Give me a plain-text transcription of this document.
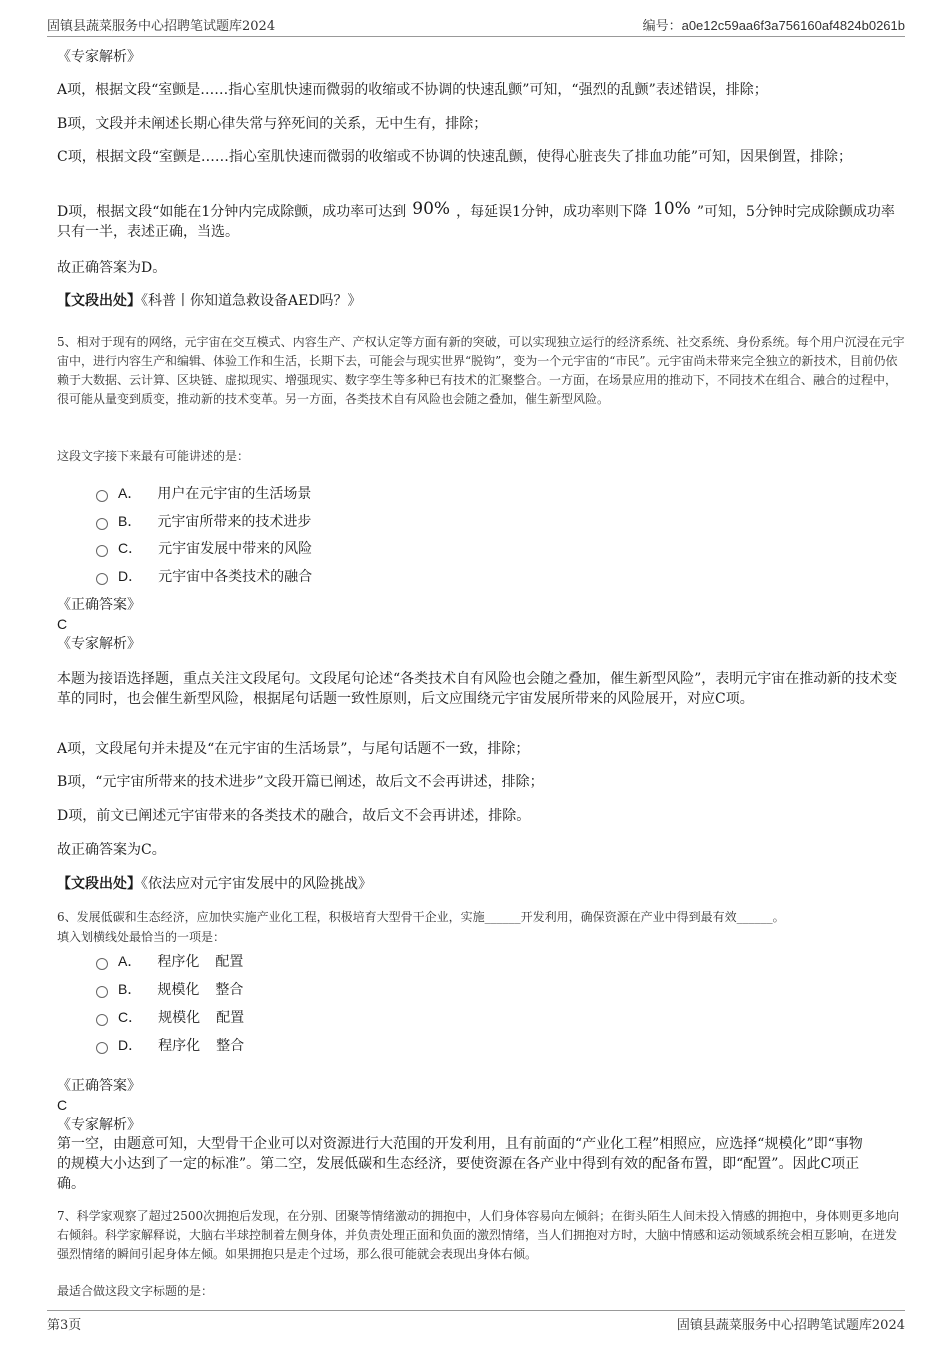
固镇县蔬菜服务中心招聘笔试题库2024	编号：a0e12c59aa6f3a756160af4824b0261b
《专家解析》
A项，根据文段“室颤是……指心室肌快速而微弱的收缩或不协调的快速乱颤”可知，“强烈的乱颤”表述错误，排除；
B项，文段并未阐述长期心律失常与猝死间的关系，无中生有，排除；
C项，根据文段“室颤是……指心室肌快速而微弱的收缩或不协调的快速乱颤，使得心脏丧失了排血功能”可知，因果倒置，排除；
D项，根据文段“如能在1分钟内完成除颤，成功率可达到 90% ，每延误1分钟，成功率则下降 10% ”可知，5分钟时完成除颤成功率只有一半，表述正确，当选。
故正确答案为D。
【文段出处】《科普丨你知道急救设备AED吗？》
5、相对于现有的网络，元宇宙在交互模式、内容生产、产权认定等方面有新的突破，可以实现独立运行的经济系统、社交系统、身份系统。每个用户沉浸在元宇宙中，进行内容生产和编辑、体验工作和生活，长期下去，可能会与现实世界“脱钩”，变为一个元宇宙的“市民”。元宇宙尚未带来完全独立的新技术，目前仍依赖于大数据、云计算、区块链、虚拟现实、增强现实、数字孪生等多种已有技术的汇聚整合。一方面，在场景应用的推动下，不同技术在组合、融合的过程中，很可能从量变到质变，推动新的技术变革。另一方面，各类技术自有风险也会随之叠加，催生新型风险。
这段文字接下来最有可能讲述的是：
A． 用户在元宇宙的生活场景
B． 元宇宙所带来的技术进步
C． 元宇宙发展中带来的风险
D． 元宇宙中各类技术的融合
《正确答案》
C
《专家解析》
本题为接语选择题，重点关注文段尾句。文段尾句论述“各类技术自有风险也会随之叠加，催生新型风险”，表明元宇宙在推动新的技术变革的同时，也会催生新型风险，根据尾句话题一致性原则，后文应围绕元宇宙发展所带来的风险展开，对应C项。
A项，文段尾句并未提及“在元宇宙的生活场景”，与尾句话题不一致，排除；
B项，“元宇宙所带来的技术进步”文段开篇已阐述，故后文不会再讲述，排除；
D项，前文已阐述元宇宙带来的各类技术的融合，故后文不会再讲述，排除。
故正确答案为C。
【文段出处】《依法应对元宇宙发展中的风险挑战》
6、发展低碳和生态经济，应加快实施产业化工程，积极培育大型骨干企业，实施______开发利用，确保资源在产业中得到最有效______。
填入划横线处最恰当的一项是：
A． 程序化 配置
B． 规模化 整合
C． 规模化 配置
D． 程序化 整合
《正确答案》
C
《专家解析》
第一空，由题意可知，大型骨干企业可以对资源进行大范围的开发利用，且有前面的“产业化工程”相照应，应选择“规模化”即“事物的规模大小达到了一定的标准”。第二空，发展低碳和生态经济，要使资源在各产业中得到有效的配备布置，即“配置”。因此C项正确。
7、科学家观察了超过2500次拥抱后发现，在分别、团聚等情绪激动的拥抱中，人们身体容易向左倾斜；在街头陌生人间未投入情感的拥抱中，身体则更多地向右倾斜。科学家解释说，大脑右半球控制着左侧身体，并负责处理正面和负面的激烈情绪，当人们拥抱对方时，大脑中情感和运动领域系统会相互影响，在迸发强烈情绪的瞬间引起身体左倾。如果拥抱只是走个过场，那么很可能就会表现出身体右倾。
最适合做这段文字标题的是：
第3页	固镇县蔬菜服务中心招聘笔试题库2024
